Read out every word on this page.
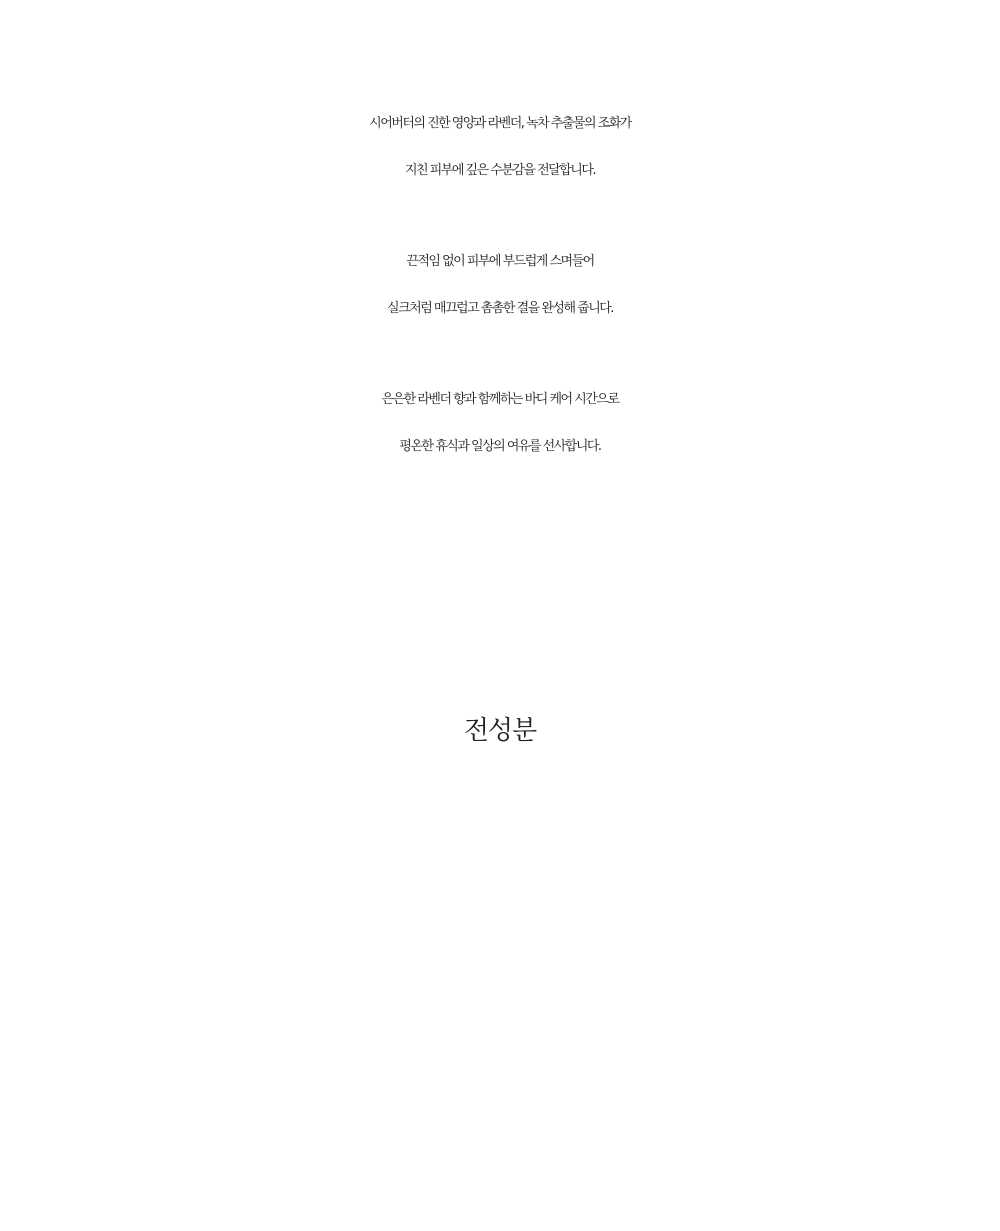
시어버터의 진한 영양과 라벤더, 녹차 추출물의 조화가
지친 피부에 깊은 수분감을 전달합니다.

끈적임 없이 피부에 부드럽게 스며들어
실크처럼 매끄럽고 촘촘한 결을 완성해 줍니다.

은은한 라벤더 향과 함께하는 바디 케어 시간으로
평온한 휴식과 일상의 여유를 선사합니다.

전성분
